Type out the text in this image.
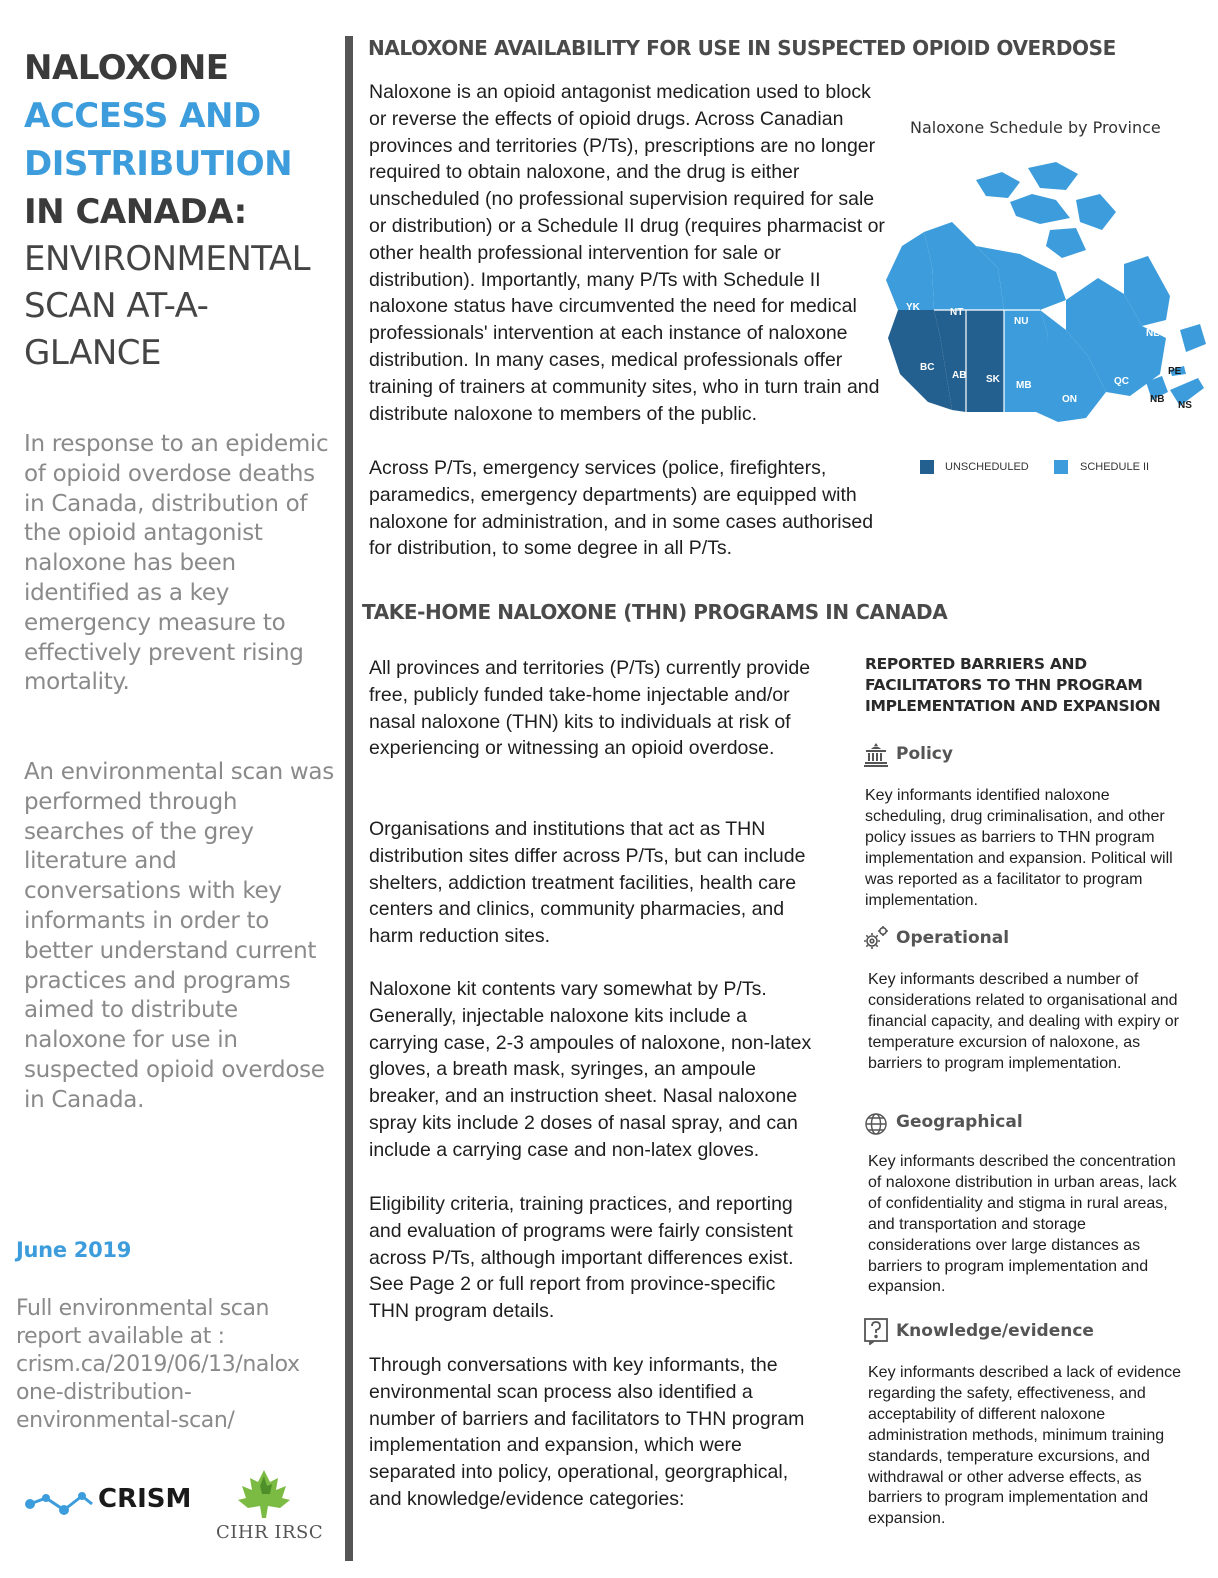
NALOXONE
ACCESS AND
DISTRIBUTION
IN CANADA:
ENVIRONMENTAL
SCAN AT-A-
GLANCE
In response to an epidemic of opioid overdose deaths in Canada, distribution of the opioid antagonist naloxone has been identified as a key emergency measure to effectively prevent rising mortality.
An environmental scan was performed through searches of the grey literature and conversations with key informants in order to better understand current practices and programs aimed to distribute naloxone for use in suspected opioid overdose in Canada.
June 2019
Full environmental scan
report available at :
crism.ca/2019/06/13/nalox
one-distribution-
environmental-scan/
CRISM
CIHR IRSC
NALOXONE AVAILABILITY FOR USE IN SUSPECTED OPIOID OVERDOSE
Naloxone is an opioid antagonist medication used to block or reverse the effects of opioid drugs. Across Canadian provinces and territories (P/Ts), prescriptions are no longer required to obtain naloxone, and the drug is either unscheduled (no professional supervision required for sale or distribution) or a Schedule II drug (requires pharmacist or other health professional intervention for sale or distribution). Importantly, many P/Ts with Schedule II naloxone status have circumvented the need for medical professionals' intervention at each instance of naloxone distribution. In many cases, medical professionals offer training of trainers at community sites, who in turn train and distribute naloxone to members of the public.
Across P/Ts, emergency services (police, firefighters, paramedics, emergency departments) are equipped with naloxone for administration, and in some cases authorised for distribution, to some degree in all P/Ts.
Naloxone Schedule by Province
YK	NT
NU
BC
AB SK
MB
ON
QC
NL
PE
NB
NS
UNSCHEDULED	SCHEDULE II
TAKE-HOME NALOXONE (THN) PROGRAMS IN CANADA
All provinces and territories (P/Ts) currently provide free, publicly funded take-home injectable and/or nasal naloxone (THN) kits to individuals at risk of experiencing or witnessing an opioid overdose.
Organisations and institutions that act as THN distribution sites differ across P/Ts, but can include shelters, addiction treatment facilities, health care centers and clinics, community pharmacies, and harm reduction sites.
Naloxone kit contents vary somewhat by P/Ts. Generally, injectable naloxone kits include a carrying case, 2-3 ampoules of naloxone, non-latex gloves, a breath mask, syringes, an ampoule breaker, and an instruction sheet. Nasal naloxone spray kits include 2 doses of nasal spray, and can include a carrying case and non-latex gloves.
Eligibility criteria, training practices, and reporting and evaluation of programs were fairly consistent across P/Ts, although important differences exist. See Page 2 or full report from province-specific THN program details.
Through conversations with key informants, the environmental scan process also identified a number of barriers and facilitators to THN program implementation and expansion, which were separated into policy, operational, georgraphical, and knowledge/evidence categories:
REPORTED BARRIERS AND FACILITATORS TO THN PROGRAM IMPLEMENTATION AND EXPANSION
Policy
Key informants identified naloxone scheduling, drug criminalisation, and other policy issues as barriers to THN program implementation and expansion. Political will was reported as a facilitator to program implementation.
Operational
Key informants described a number of considerations related to organisational and financial capacity, and dealing with expiry or temperature excursion of naloxone, as barriers to program implementation.
Geographical
Key informants described the concentration of naloxone distribution in urban areas, lack of confidentiality and stigma in rural areas, and transportation and storage considerations over large distances as barriers to program implementation and expansion.
Knowledge/evidence
Key informants described a lack of evidence regarding the safety, effectiveness, and acceptability of different naloxone administration methods, minimum training standards, temperature excursions, and withdrawal or other adverse effects, as barriers to program implementation and expansion.
